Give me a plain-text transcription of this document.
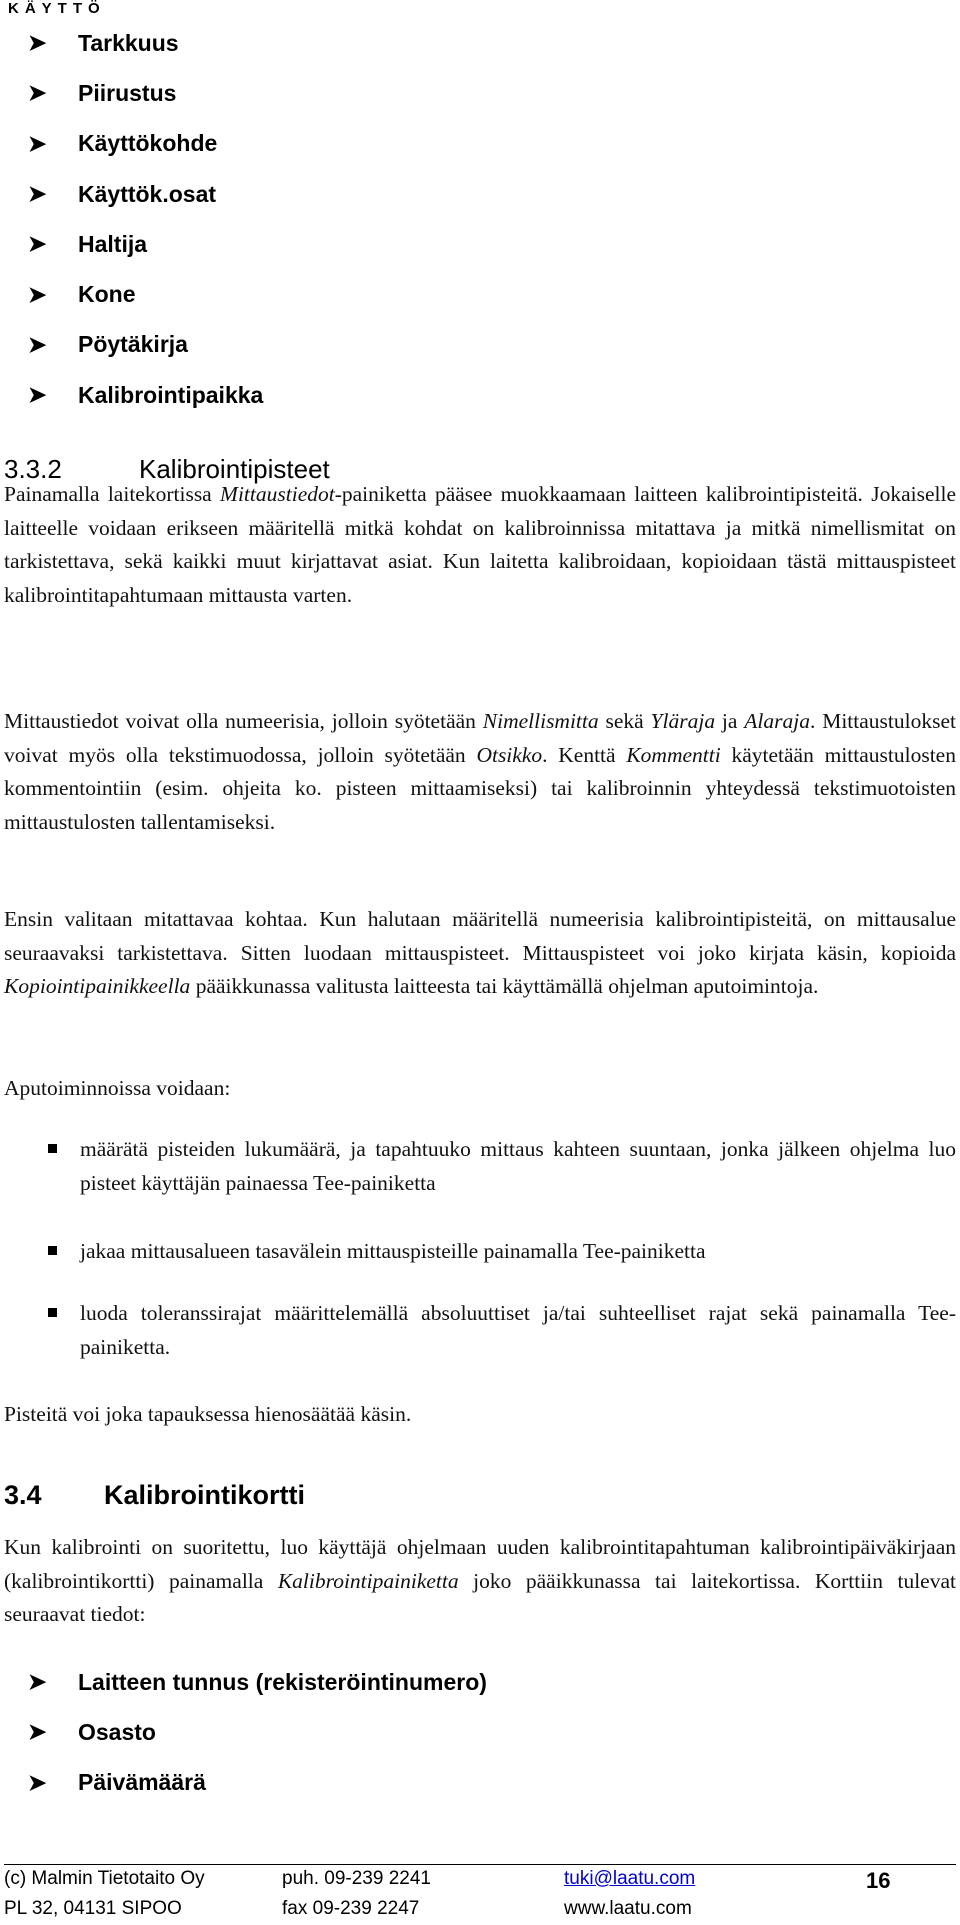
KÄYTTÖ
➤	Tarkkuus
➤	Piirustus
➤	Käyttökohde
➤	Käyttök.osat
➤	Haltija
➤	Kone
➤	Pöytäkirja
➤	Kalibrointipaikka
3.3.2	Kalibrointipisteet

Painamalla laitekortissa Mittaustiedot-painiketta pääsee muokkaamaan laitteen kalibrointipisteitä. Jokaiselle laitteelle voidaan erikseen määritellä mitkä kohdat on kalibroinnissa mitattava ja mitkä nimellismitat on tarkistettava, sekä kaikki muut kirjattavat asiat. Kun laitetta kalibroidaan, kopioidaan tästä mittauspisteet kalibrointitapahtumaan mittausta varten.

Mittaustiedot voivat olla numeerisia, jolloin syötetään Nimellismitta sekä Yläraja ja Alaraja. Mittaustulokset voivat myös olla tekstimuodossa, jolloin syötetään Otsikko. Kenttä Kommentti käytetään mittaustulosten kommentointiin (esim. ohjeita ko. pisteen mittaamiseksi) tai kalibroinnin yhteydessä tekstimuotoisten mittaustulosten tallentamiseksi.

Ensin valitaan mitattavaa kohtaa. Kun halutaan määritellä numeerisia kalibrointipisteitä, on mittausalue seuraavaksi tarkistettava. Sitten luodaan mittauspisteet. Mittauspisteet voi joko kirjata käsin, kopioida Kopiointipainikkeella pääikkunassa valitusta laitteesta tai käyttämällä ohjelman aputoimintoja.

Aputoiminnoissa voidaan:

määrätä pisteiden lukumäärä, ja tapahtuuko mittaus kahteen suuntaan, jonka jälkeen ohjelma luo pisteet käyttäjän painaessa Tee-painiketta
jakaa mittausalueen tasavälein mittauspisteille painamalla Tee-painiketta
luoda toleranssirajat määrittelemällä absoluuttiset ja/tai suhteelliset rajat sekä painamalla Tee-painiketta.

Pisteitä voi joka tapauksessa hienosäätää käsin.

3.4 Kalibrointikortti

Kun kalibrointi on suoritettu, luo käyttäjä ohjelmaan uuden kalibrointitapahtuman kalibrointipäiväkirjaan (kalibrointikortti) painamalla Kalibrointipainiketta joko pääikkunassa tai laitekortissa. Korttiin tulevat seuraavat tiedot:

➤	Laitteen tunnus (rekisteröintinumero)
➤	Osasto
➤	Päivämäärä
(c) Malmin Tietotaito Oy	puh. 09-239 2241	tuki@laatu.com	16
PL 32, 04131 SIPOO	fax 09-239 2247	www.laatu.com
